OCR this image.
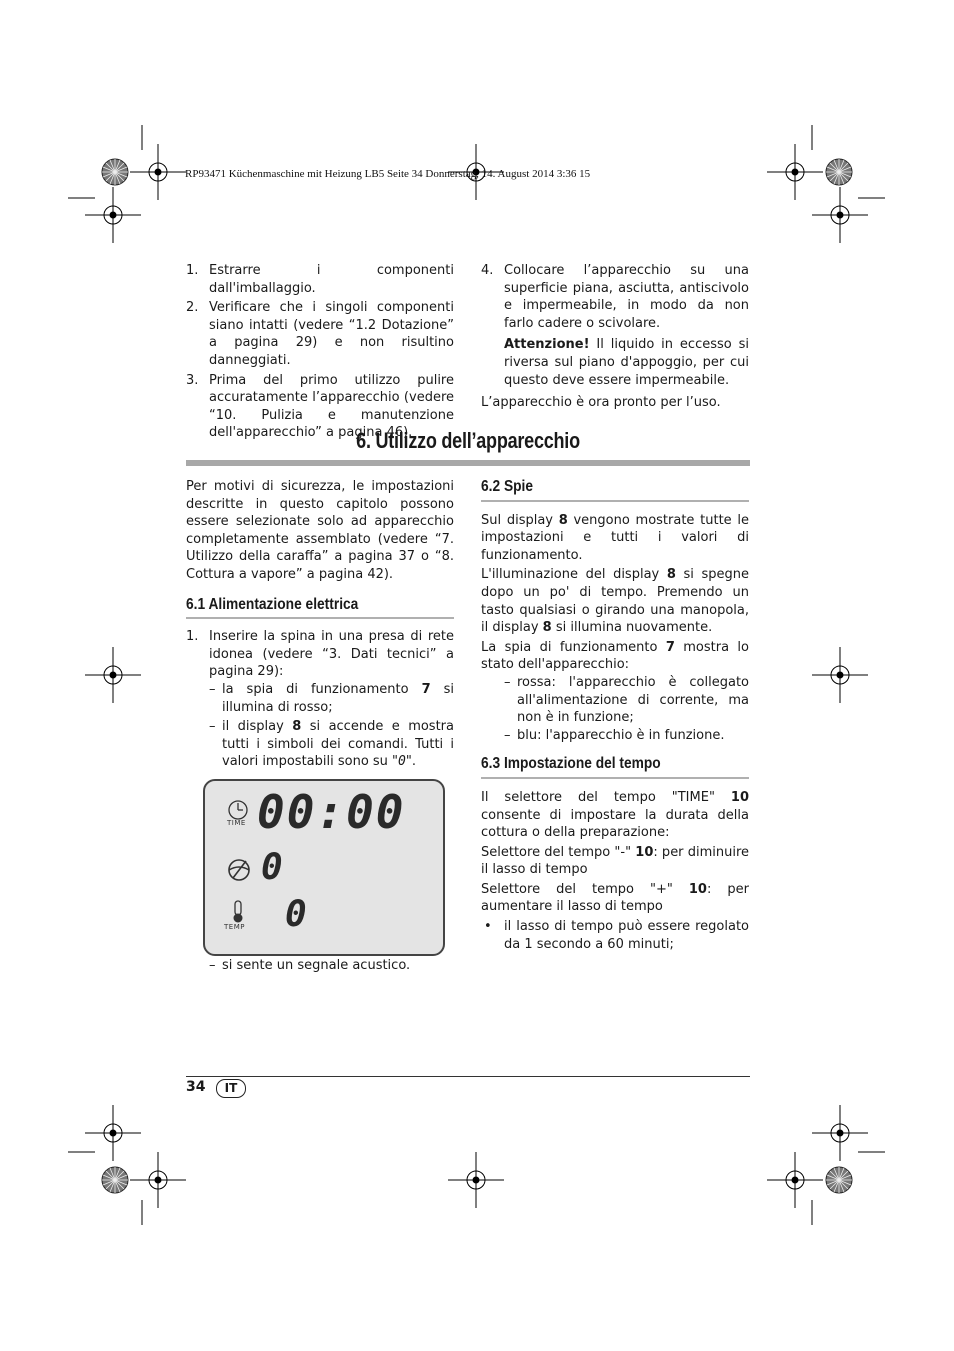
RP93471 Küchenmaschine mit Heizung LB5 Seite 34 Donnerstag, 14. August 2014 3:36 15
1. Estrarre i componenti dall'imballaggio.
2. Verificare che i singoli componenti siano intatti (vedere “1.2 Dotazione” a pagina 29) e non risultino danneggiati.
3. Prima del primo utilizzo pulire accuratamente l’apparecchio (vedere “10. Pulizia e manutenzione dell'apparecchio” a pagina 46).
4. Collocare l’apparecchio su una superficie piana, asciutta, antiscivolo e impermeabile, in modo da non farlo cadere o scivolare.

Attenzione! Il liquido in eccesso si riversa sul piano d'appoggio, per cui questo deve essere impermeabile.

L’apparecchio è ora pronto per l’uso.

6. Utilizzo dell’apparecchio

Per motivi di sicurezza, le impostazioni descritte in questo capitolo possono essere selezionate solo ad apparecchio completamente assemblato (vedere “7. Utilizzo della caraffa” a pagina 37 o “8. Cottura a vapore” a pagina 42).

6.1 Alimentazione elettrica
1. Inserire la spina in una presa di rete idonea (vedere “3. Dati tecnici” a pagina 29):
– la spia di funzionamento 7 si illumina di rosso;
– il display 8 si accende e mostra tutti i simboli dei comandi. Tutti i valori impostabili sono su "0".
TIME 00:00
0
TEMP 0
– si sente un segnale acustico.
6.2 Spie

Sul display 8 vengono mostrate tutte le impostazioni e tutti i valori di funzionamento.

L'illuminazione del display 8 si spegne dopo un po' di tempo. Premendo un tasto qualsiasi o girando una manopola, il display 8 si illumina nuovamente.

La spia di funzionamento 7 mostra lo stato dell'apparecchio:

– rossa: l'apparecchio è collegato all'alimentazione di corrente, ma non è in funzione;
– blu: l'apparecchio è in funzione.
6.3 Impostazione del tempo

Il selettore del tempo "TIME" 10 consente di impostare la durata della cottura o della preparazione:

Selettore del tempo "-" 10: per diminuire il lasso di tempo

Selettore del tempo "+" 10: per aumentare il lasso di tempo

• il lasso di tempo può essere regolato da 1 secondo a 60 minuti;
34	IT
